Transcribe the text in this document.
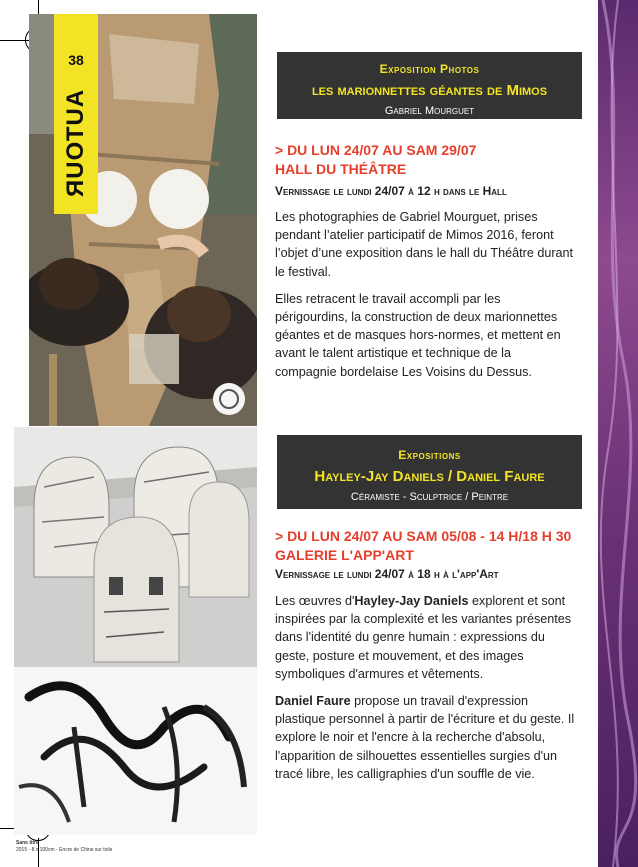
38
AUTOUR
Sans titre
2015 - 8 x 100cm - Encre de Chine sur toile
Exposition Photos
les marionnettes géantes de Mimos
Gabriel Mourguet
> DU LUN 24/07 AU SAM 29/07
HALL DU THÉÂTRE
Vernissage le lundi 24/07 à 12 h dans le Hall

Les photographies de Gabriel Mourguet, prises pendant l’atelier participatif de Mimos 2016, feront l’objet d’une exposition dans le hall du Théâtre durant le festival.

Elles retracent le travail accompli par les périgourdins, la construction de deux marionnettes géantes et de masques hors-normes, et mettent en avant le talent artistique et technique de la compagnie bordelaise Les Voisins du Dessus.

Expositions
Hayley-Jay Daniels / Daniel Faure
Céramiste - Sculptrice / Peintre
> DU LUN 24/07 AU SAM 05/08 - 14 H/18 H 30
GALERIE L'APP'ART
Vernissage le lundi 24/07 à 18 h à l'app'Art

Les œuvres d'Hayley-Jay Daniels explorent et sont inspirées par la complexité et les variantes présentes dans l'identité du genre humain : expressions du geste, posture et mouvement, et des images symboliques d'armures et vêtements.

Daniel Faure propose un travail d'expression plastique personnel à partir de l'écriture et du geste. Il explore le noir et l'encre à la recherche d'absolu, l'apparition de silhouettes essentielles surgies d'un tracé libre, les calligraphies d'un souffle de vie.
